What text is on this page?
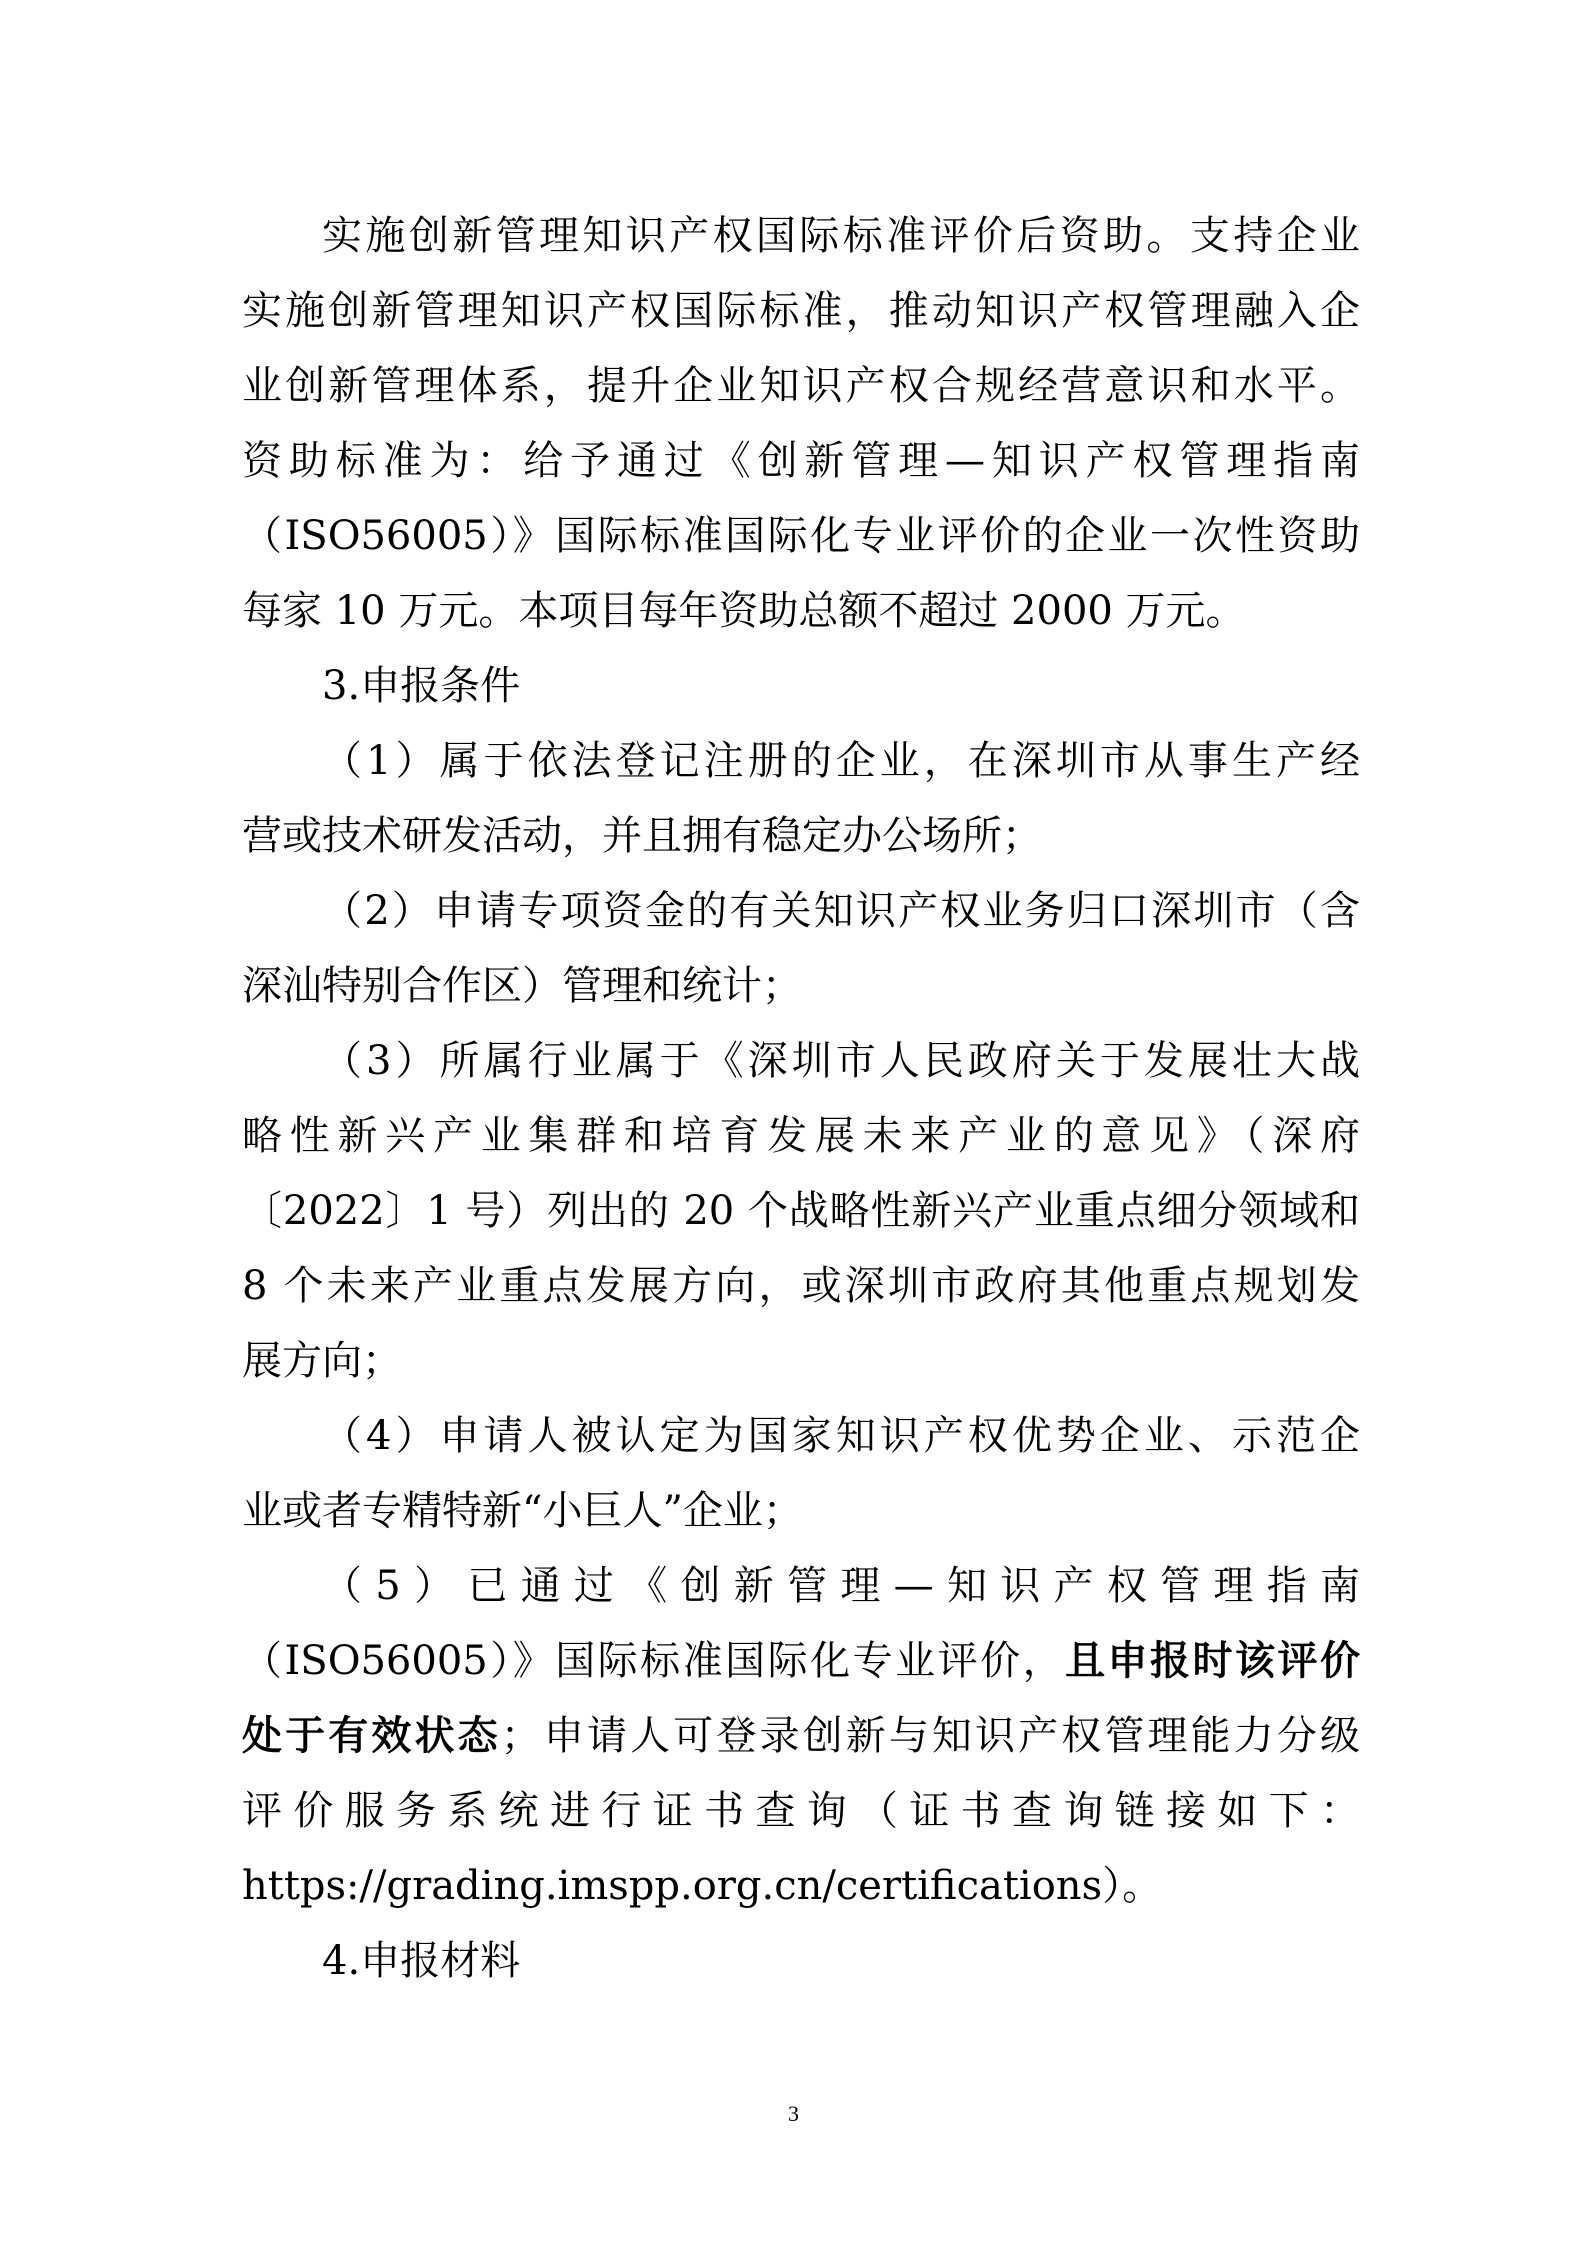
实施创新管理知识产权国际标准评价后资助。支持企业
实施创新管理知识产权国际标准，推动知识产权管理融入企
业创新管理体系，提升企业知识产权合规经营意识和水平。
资助标准为：给予通过《创新管理—知识产权管理指南
（ISO56005）》国际标准国际化专业评价的企业一次性资助
每家 10 万元。本项目每年资助总额不超过 2000 万元。
3.申报条件
（1）属于依法登记注册的企业，在深圳市从事生产经
营或技术研发活动，并且拥有稳定办公场所；
（2）申请专项资金的有关知识产权业务归口深圳市（含
深汕特别合作区）管理和统计；
（3）所属行业属于《深圳市人民政府关于发展壮大战
略性新兴产业集群和培育发展未来产业的意见》（深府
〔2022〕1 号）列出的 20 个战略性新兴产业重点细分领域和
8 个未来产业重点发展方向，或深圳市政府其他重点规划发
展方向；
（4）申请人被认定为国家知识产权优势企业、示范企
业或者专精特新“小巨人”企业；
（5）已通过《创新管理—知识产权管理指南
（ISO56005）》国际标准国际化专业评价，且申报时该评价
处于有效状态；申请人可登录创新与知识产权管理能力分级
评价服务系统进行证书查询（证书查询链接如下：
https://grading.imspp.org.cn/certifications）。
4.申报材料
3
